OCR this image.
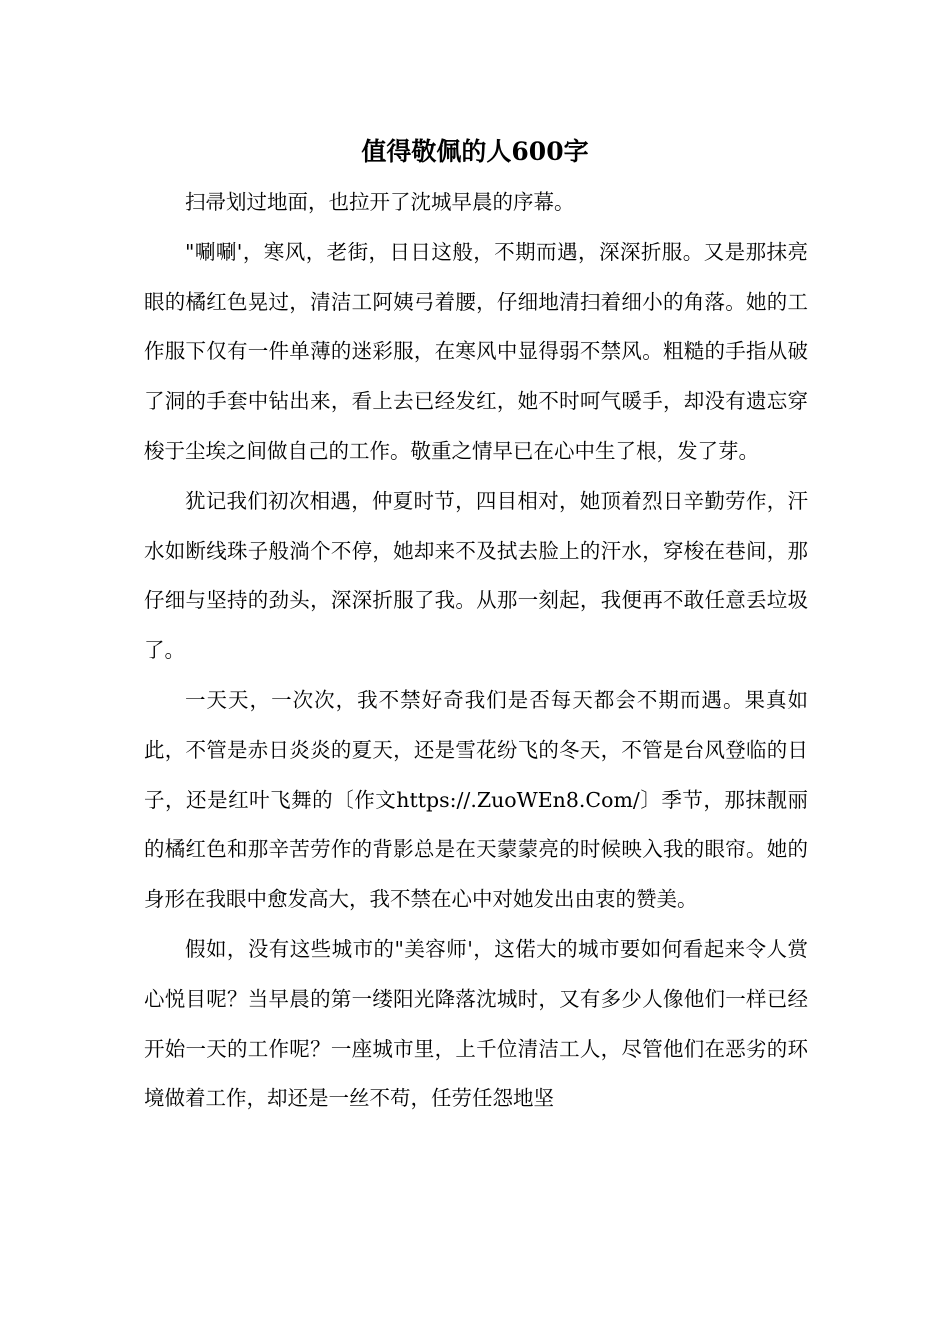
值得敬佩的人600字

扫帚划过地面，也拉开了沈城早晨的序幕。

"唰唰'，寒风，老街，日日这般，不期而遇，深深折服。又是那抹亮眼的橘红色晃过，清洁工阿姨弓着腰，仔细地清扫着细小的角落。她的工作服下仅有一件单薄的迷彩服，在寒风中显得弱不禁风。粗糙的手指从破了洞的手套中钻出来，看上去已经发红，她不时呵气暖手，却没有遗忘穿梭于尘埃之间做自己的工作。敬重之情早已在心中生了根，发了芽。

犹记我们初次相遇，仲夏时节，四目相对，她顶着烈日辛勤劳作，汗水如断线珠子般淌个不停，她却来不及拭去脸上的汗水，穿梭在巷间，那仔细与坚持的劲头，深深折服了我。从那一刻起，我便再不敢任意丢垃圾了。

一天天，一次次，我不禁好奇我们是否每天都会不期而遇。果真如此，不管是赤日炎炎的夏天，还是雪花纷飞的冬天，不管是台风登临的日子，还是红叶飞舞的〔作文https://.ZuoWEn8.Com/〕季节，那抹靓丽的橘红色和那辛苦劳作的背影总是在天蒙蒙亮的时候映入我的眼帘。她的身形在我眼中愈发高大，我不禁在心中对她发出由衷的赞美。

假如，没有这些城市的"美容师'，这偌大的城市要如何看起来令人赏心悦目呢？当早晨的第一缕阳光降落沈城时，又有多少人像他们一样已经开始一天的工作呢？一座城市里，上千位清洁工人，尽管他们在恶劣的环境做着工作，却还是一丝不苟，任劳任怨地坚
